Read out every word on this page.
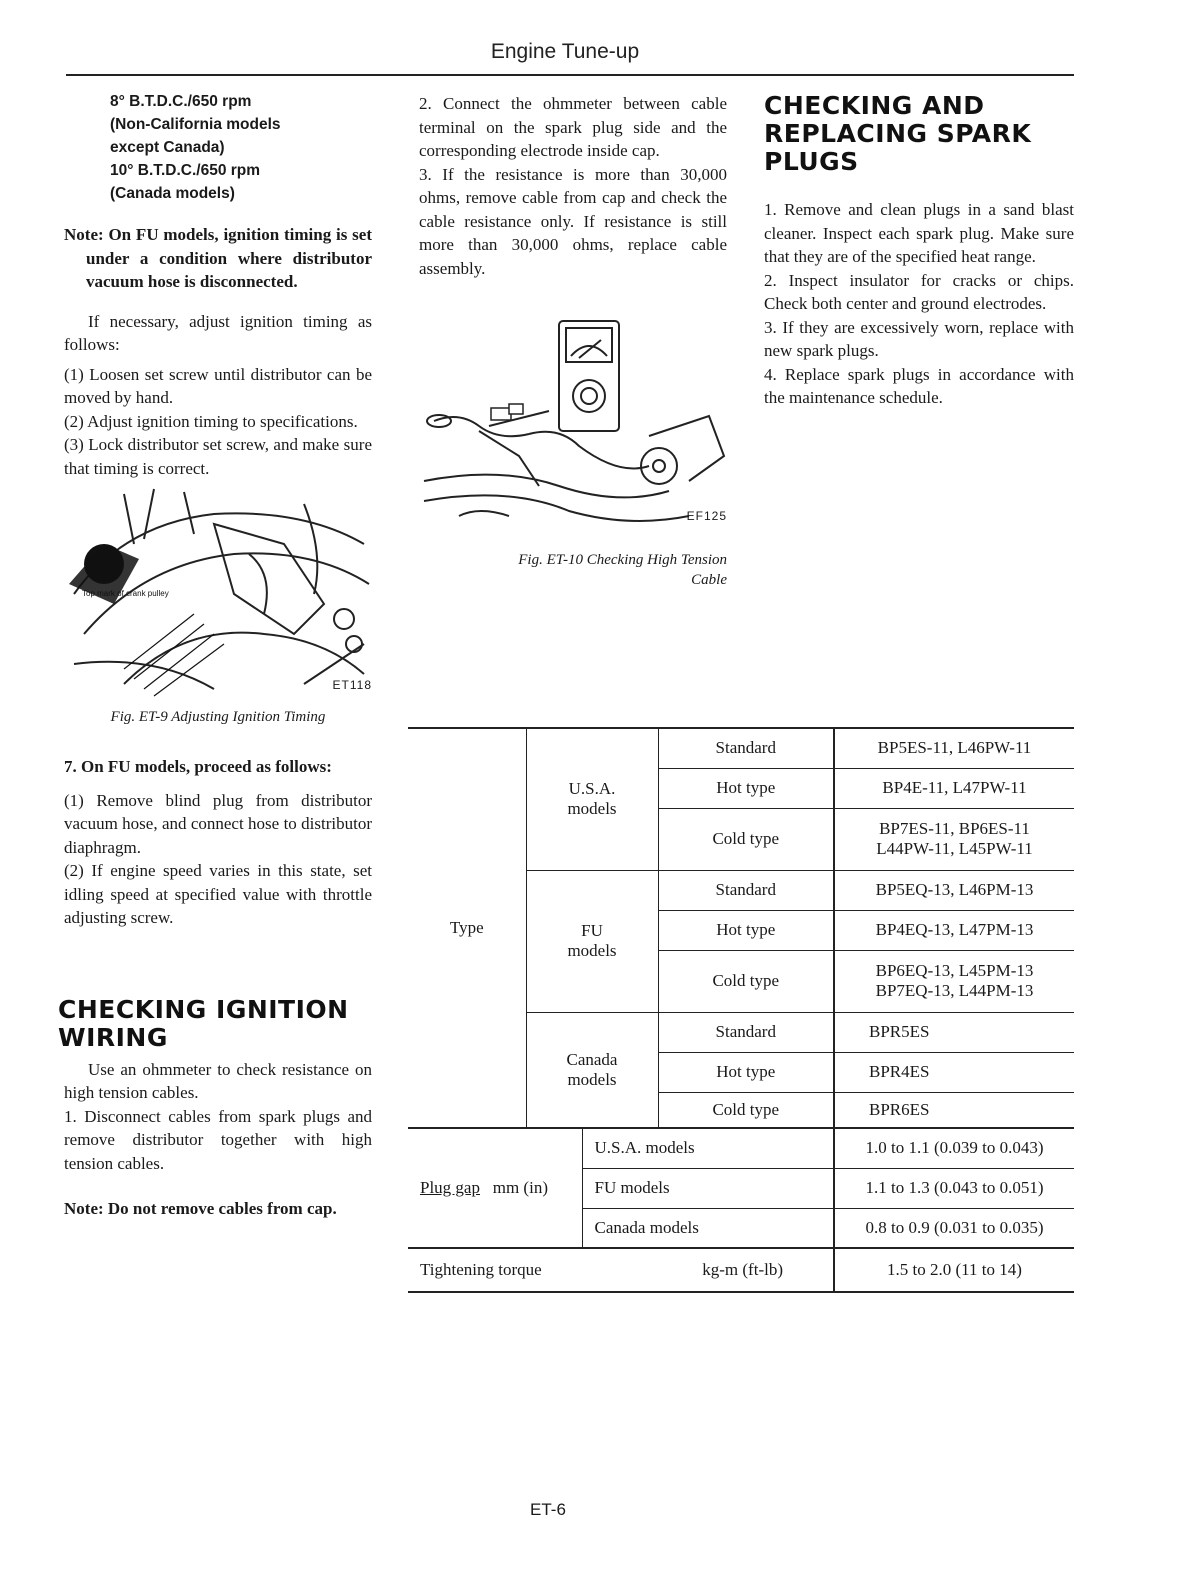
Engine Tune-up
8° B.T.D.C./650 rpm
(Non-California models
except Canada)
10° B.T.D.C./650 rpm
(Canada models)

Note: On FU models, ignition timing is set under a condition where distributor vacuum hose is disconnected.

If necessary, adjust ignition timing as follows:

(1) Loosen set screw until distributor can be moved by hand.

(2) Adjust ignition timing to specifications.

(3) Lock distributor set screw, and make sure that timing is correct.

Top mark of crank pulley
ET118

Fig. ET-9 Adjusting Ignition Timing

7. On FU models, proceed as follows:

(1) Remove blind plug from distributor vacuum hose, and connect hose to distributor diaphragm.

(2) If engine speed varies in this state, set idling speed at specified value with throttle adjusting screw.

CHECKING IGNITION WIRING

Use an ohmmeter to check resistance on high tension cables.

1. Disconnect cables from spark plugs and remove distributor together with high tension cables.

Note: Do not remove cables from cap.

2. Connect the ohmmeter between cable terminal on the spark plug side and the corresponding electrode inside cap.

3. If the resistance is more than 30,000 ohms, remove cable from cap and check the cable resistance only. If resistance is still more than 30,000 ohms, replace cable assembly.

EF125

Fig. ET-10 Checking High Tension

Cable

CHECKING AND REPLACING SPARK PLUGS

1. Remove and clean plugs in a sand blast cleaner. Inspect each spark plug. Make sure that they are of the specified heat range.

2. Inspect insulator for cracks or chips. Check both center and ground electrodes.

3. If they are excessively worn, replace with new spark plugs.

4. Replace spark plugs in accordance with the maintenance schedule.

Type	U.S.A.
models		Standard	BP5ES-11, L46PW-11
			Hot type	BP4E-11, L47PW-11
			Cold type	BP7ES-11, BP6ES-11
L44PW-11, L45PW-11
	FU
models		Standard	BP5EQ-13, L46PM-13
			Hot type	BP4EQ-13, L47PM-13
			Cold type	BP6EQ-13, L45PM-13
BP7EQ-13, L44PM-13
	Canada
models		Standard	BPR5ES
			Hot type	BPR4ES
			Cold type	BPR6ES
Plug gap mm (in)		U.S.A. models		1.0 to 1.1 (0.039 to 0.043)
		FU models		1.1 to 1.3 (0.043 to 0.051)
		Canada models		0.8 to 0.9 (0.031 to 0.035)
Tightening torque			kg-m (ft-lb)	1.5 to 2.0 (11 to 14)
ET-6
